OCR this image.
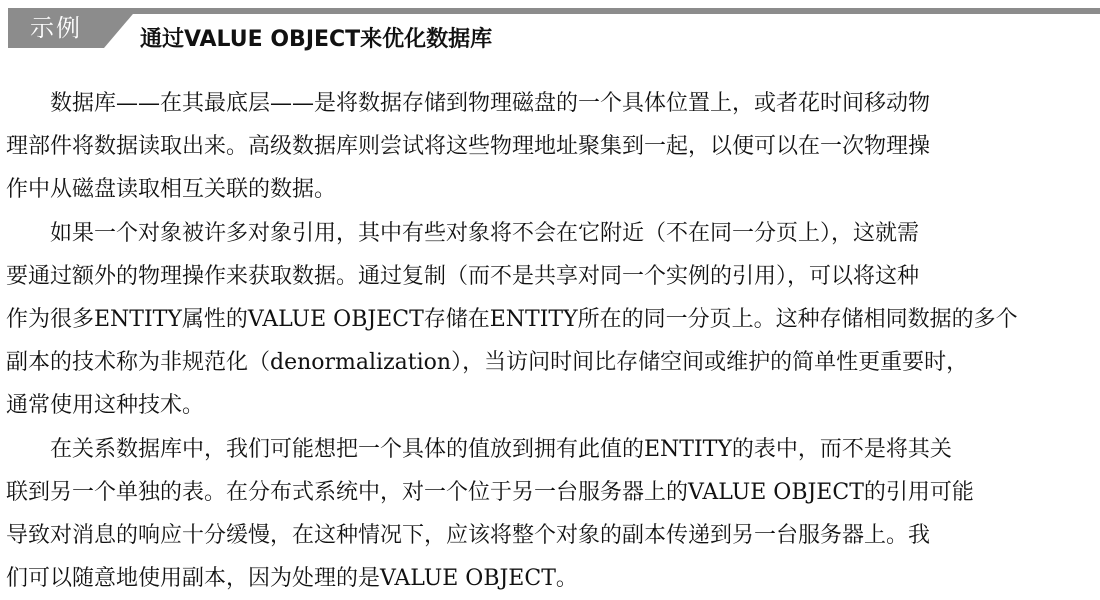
示例	通过VALUE OBJECT来优化数据库

数据库——在其最底层——是将数据存储到物理磁盘的一个具体位置上，或者花时间移动物
理部件将数据读取出来。高级数据库则尝试将这些物理地址聚集到一起，以便可以在一次物理操
作中从磁盘读取相互关联的数据。

如果一个对象被许多对象引用，其中有些对象将不会在它附近（不在同一分页上），这就需
要通过额外的物理操作来获取数据。通过复制（而不是共享对同一个实例的引用），可以将这种
作为很多ENTITY属性的VALUE OBJECT存储在ENTITY所在的同一分页上。这种存储相同数据的多个
副本的技术称为非规范化（denormalization），当访问时间比存储空间或维护的简单性更重要时，
通常使用这种技术。

在关系数据库中，我们可能想把一个具体的值放到拥有此值的ENTITY的表中，而不是将其关
联到另一个单独的表。在分布式系统中，对一个位于另一台服务器上的VALUE OBJECT的引用可能
导致对消息的响应十分缓慢，在这种情况下，应该将整个对象的副本传递到另一台服务器上。我
们可以随意地使用副本，因为处理的是VALUE OBJECT。
